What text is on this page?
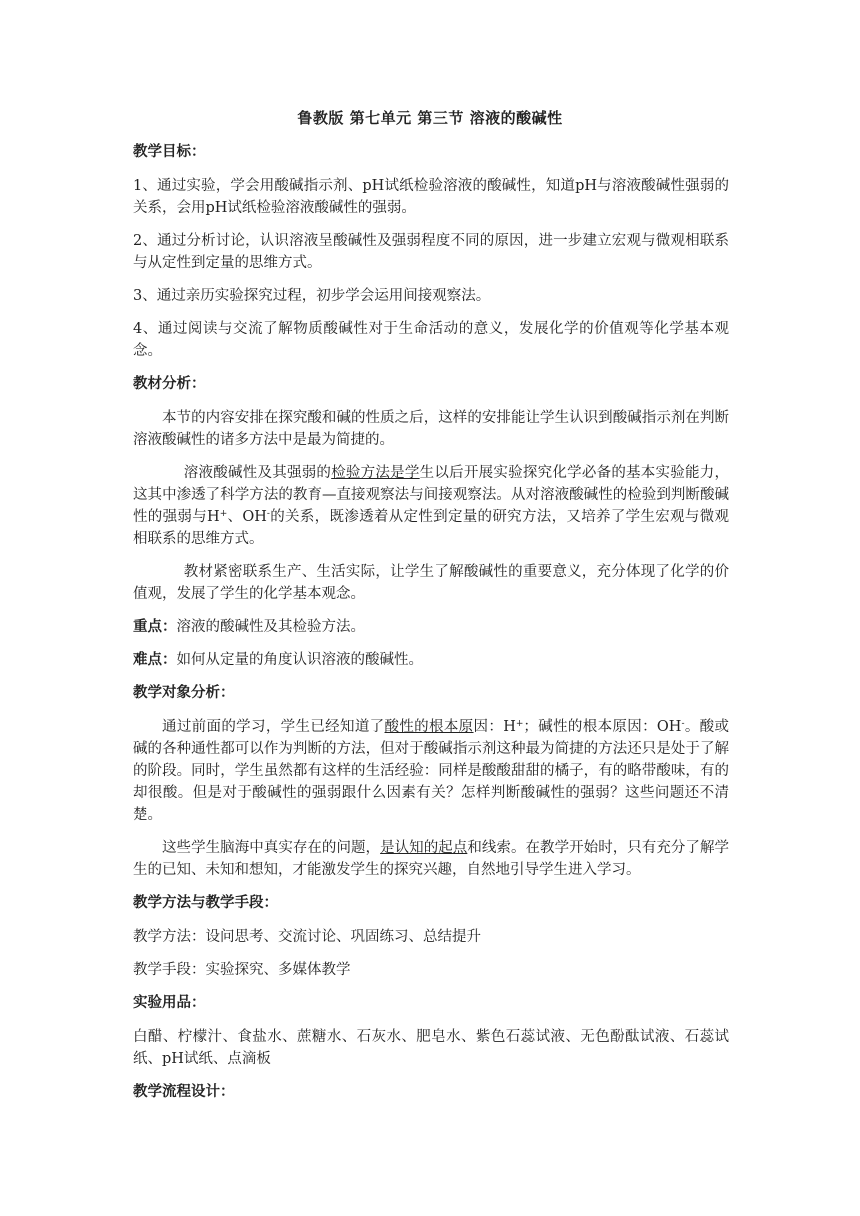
鲁教版 第七单元 第三节 溶液的酸碱性
教学目标：
1、通过实验，学会用酸碱指示剂、pH试纸检验溶液的酸碱性，知道pH与溶液酸碱性强弱的关系，会用pH试纸检验溶液酸碱性的强弱。
2、通过分析讨论，认识溶液呈酸碱性及强弱程度不同的原因，进一步建立宏观与微观相联系与从定性到定量的思维方式。
3、通过亲历实验探究过程，初步学会运用间接观察法。
4、通过阅读与交流了解物质酸碱性对于生命活动的意义，发展化学的价值观等化学基本观念。
教材分析：
本节的内容安排在探究酸和碱的性质之后，这样的安排能让学生认识到酸碱指示剂在判断溶液酸碱性的诸多方法中是最为简捷的。
溶液酸碱性及其强弱的检验方法是学生以后开展实验探究化学必备的基本实验能力，这其中渗透了科学方法的教育—直接观察法与间接观察法。从对溶液酸碱性的检验到判断酸碱性的强弱与H+、OH-的关系，既渗透着从定性到定量的研究方法，又培养了学生宏观与微观相联系的思维方式。
教材紧密联系生产、生活实际，让学生了解酸碱性的重要意义，充分体现了化学的价值观，发展了学生的化学基本观念。
重点：溶液的酸碱性及其检验方法。
难点：如何从定量的角度认识溶液的酸碱性。
教学对象分析：
通过前面的学习，学生已经知道了酸性的根本原因：H+；碱性的根本原因：OH-。酸或碱的各种通性都可以作为判断的方法，但对于酸碱指示剂这种最为简捷的方法还只是处于了解的阶段。同时，学生虽然都有这样的生活经验：同样是酸酸甜甜的橘子，有的略带酸味，有的却很酸。但是对于酸碱性的强弱跟什么因素有关？怎样判断酸碱性的强弱？这些问题还不清楚。
这些学生脑海中真实存在的问题，是认知的起点和线索。在教学开始时，只有充分了解学生的已知、未知和想知，才能激发学生的探究兴趣，自然地引导学生进入学习。
教学方法与教学手段：
教学方法：设问思考、交流讨论、巩固练习、总结提升
教学手段：实验探究、多媒体教学
实验用品：
白醋、柠檬汁、食盐水、蔗糖水、石灰水、肥皂水、紫色石蕊试液、无色酚酞试液、石蕊试纸、pH试纸、点滴板
教学流程设计：
